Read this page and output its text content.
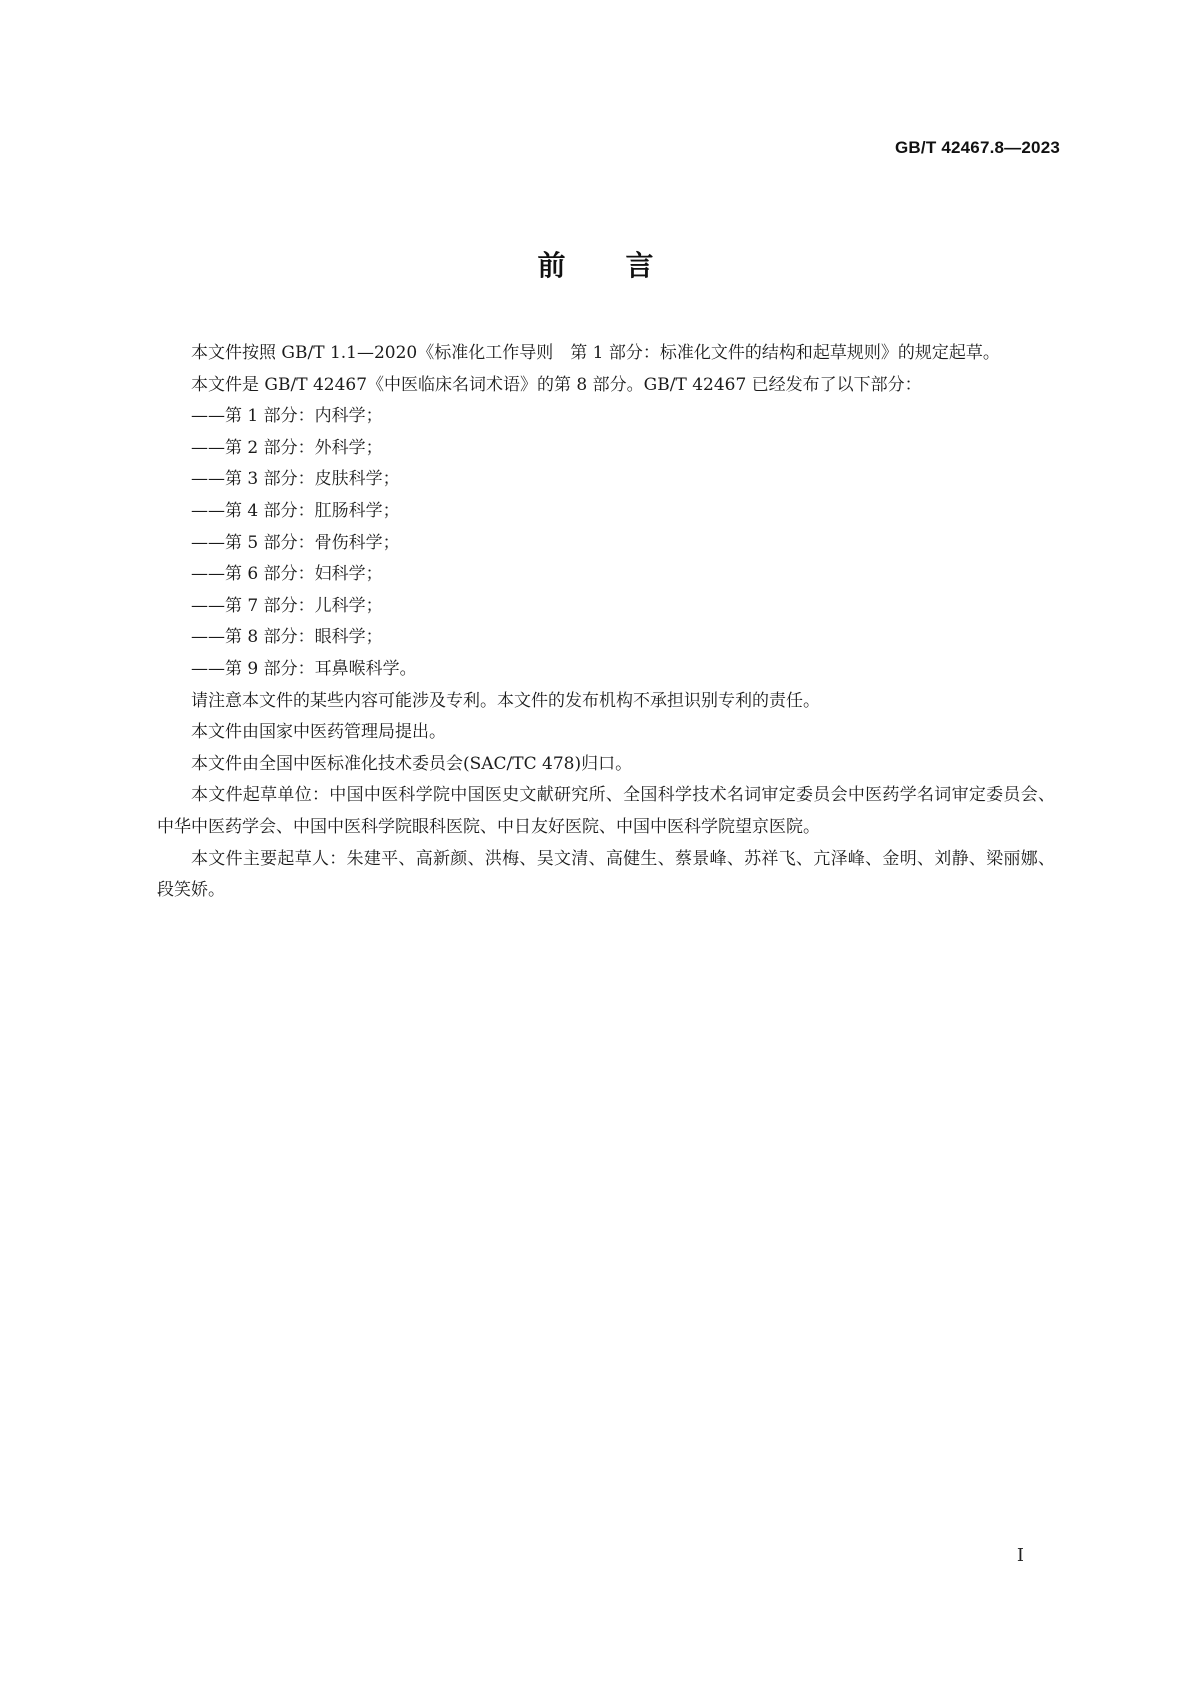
GB/T 42467.8—2023
前言

本文件按照 GB/T 1.1—2020《标准化工作导则　第 1 部分：标准化文件的结构和起草规则》的规定起草。

本文件是 GB/T 42467《中医临床名词术语》的第 8 部分。GB/T 42467 已经发布了以下部分：

——第 1 部分：内科学；

——第 2 部分：外科学；

——第 3 部分：皮肤科学；

——第 4 部分：肛肠科学；

——第 5 部分：骨伤科学；

——第 6 部分：妇科学；

——第 7 部分：儿科学；

——第 8 部分：眼科学；

——第 9 部分：耳鼻喉科学。

请注意本文件的某些内容可能涉及专利。本文件的发布机构不承担识别专利的责任。

本文件由国家中医药管理局提出。

本文件由全国中医标准化技术委员会(SAC/TC 478)归口。

本文件起草单位：中国中医科学院中国医史文献研究所、全国科学技术名词审定委员会中医药学名词审定委员会、中华中医药学会、中国中医科学院眼科医院、中日友好医院、中国中医科学院望京医院。

本文件主要起草人：朱建平、高新颜、洪梅、吴文清、高健生、蔡景峰、苏祥飞、亢泽峰、金明、刘静、梁丽娜、段笑娇。

I
